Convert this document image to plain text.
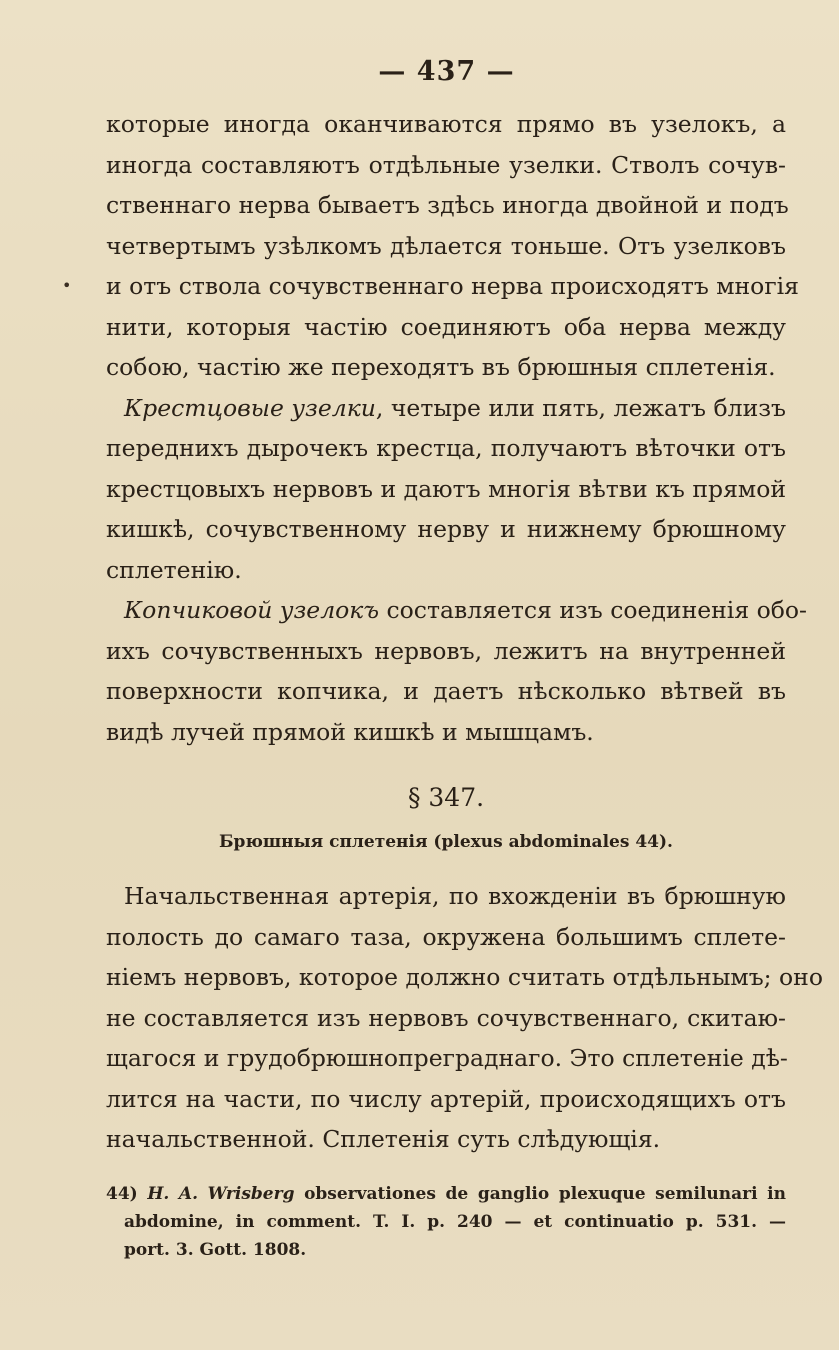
•
— 437 —
которые иногда оканчиваются прямо въ узелокъ, а
иногда составляютъ отдѣльные узелки. Стволъ сочув-
ственнаго нерва бываетъ здѣсь иногда двойной и подъ
четвертымъ узѣлкомъ дѣлается тоньше. Отъ узелковъ
и отъ ствола сочувственнаго нерва происходятъ многія
нити, которыя частію соединяютъ оба нерва между
собою, частію же переходятъ въ брюшныя сплетенія.
Крестцовые узелки, четыре или пять, лежатъ близъ
переднихъ дырочекъ крестца, получаютъ вѣточки отъ
крестцовыхъ нервовъ и даютъ многія вѣтви къ прямой
кишкѣ, сочувственному нерву и нижнему брюшному
сплетенію.
Копчиковой узелокъ составляется изъ соединенія обо-
ихъ сочувственныхъ нервовъ, лежитъ на внутренней
поверхности копчика, и даетъ нѣсколько вѣтвей въ
видѣ лучей прямой кишкѣ и мышцамъ.
§ 347.
Брюшныя сплетенія (plexus abdominales 44).
Начальственная артерія, по вхожденіи въ брюшную
полость до самаго таза, окружена большимъ сплете-
ніемъ нервовъ, которое должно считать отдѣльнымъ; оно
не составляется изъ нервовъ сочувственнаго, скитаю-
щагося и грудобрюшнопреграднаго. Это сплетеніе дѣ-
лится на части, по числу артерій, происходящихъ отъ
начальственной. Сплетенія суть слѣдующія.
44) H. A. Wrisberg observationes de ganglio plexuque semilunari in
abdomine, in comment. T. I. p. 240 — et continuatio p. 531. —
port. 3. Gott. 1808.
